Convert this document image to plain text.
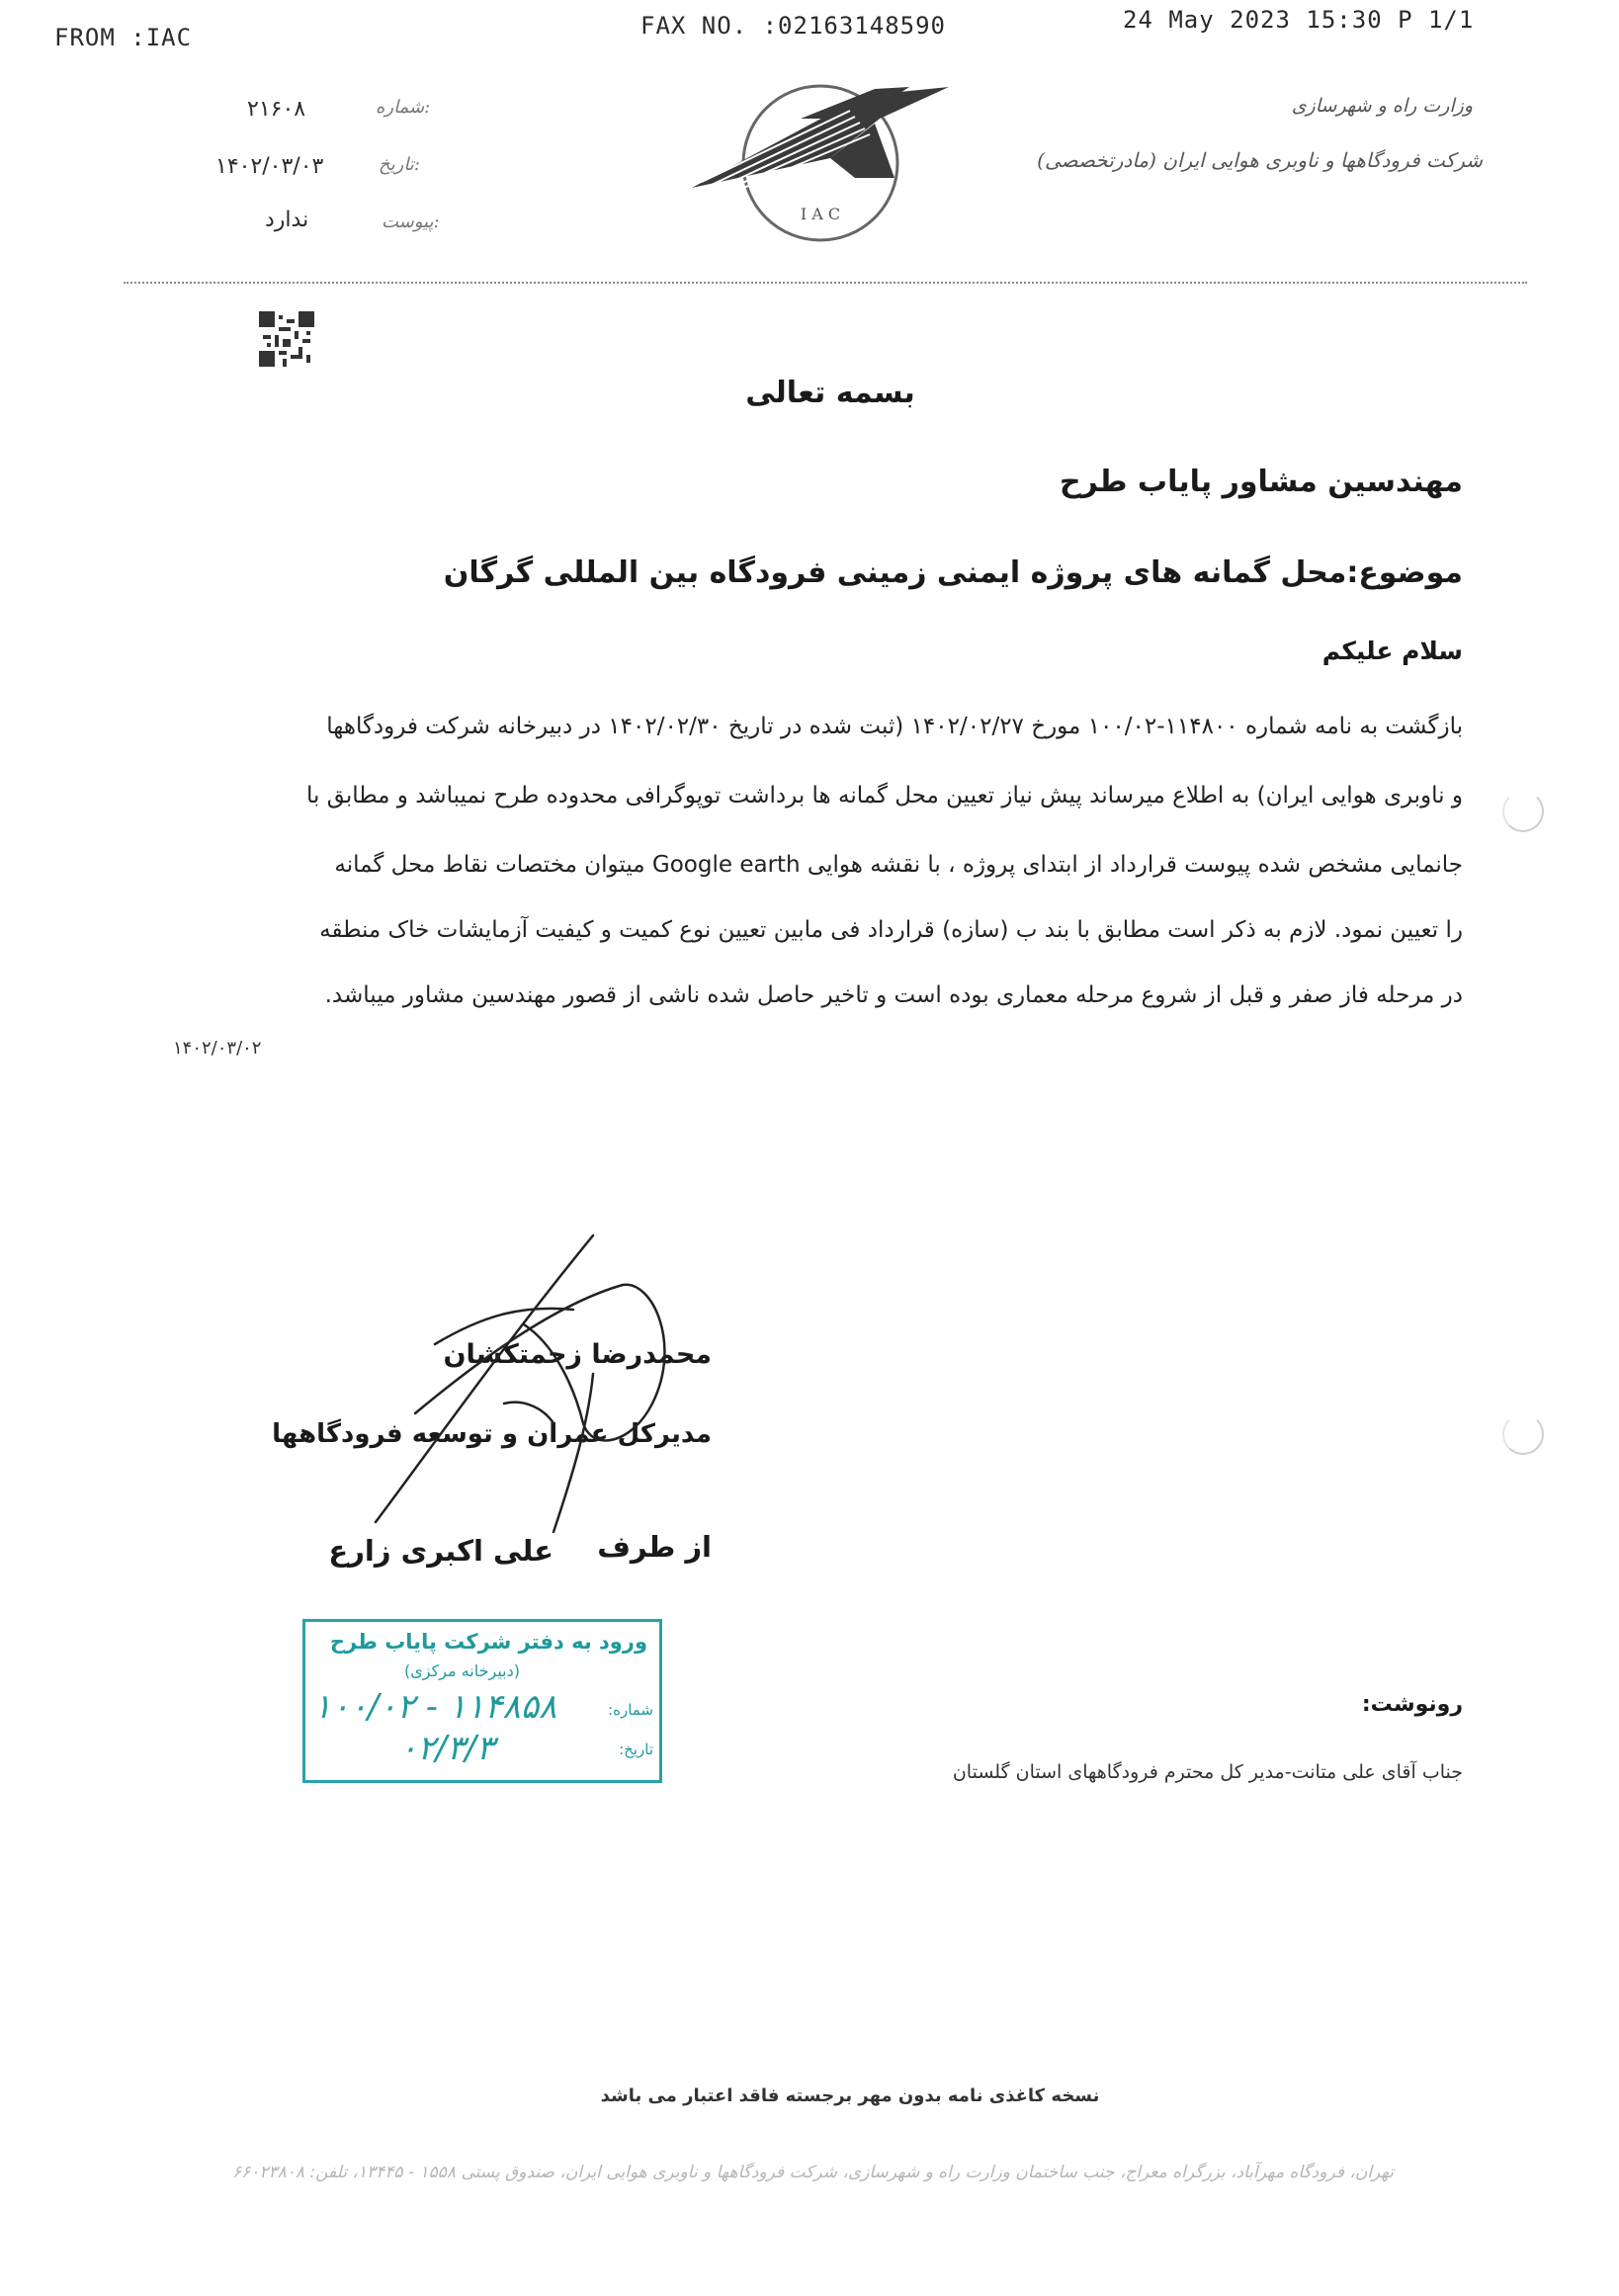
FROM :IAC	FAX NO. :02163148590	24 May 2023 15:30 P 1/1
۲۱۶۰۸	شماره:
۱۴۰۲/۰۳/۰۳	تاریخ:
ندارد	پیوست:	I A C
وزارت راه و شهرسازی
شرکت فرودگاهها و ناوبری هوایی ایران (مادرتخصصی)
بسمه تعالی
مهندسین مشاور پایاب طرح
موضوع:محل گمانه های پروژه ایمنی زمینی فرودگاه بین المللی گرگان
سلام علیکم
بازگشت به نامه شماره ۱۱۴۸۰۰-۱۰۰/۰۲ مورخ ۱۴۰۲/۰۲/۲۷ (ثبت شده در تاریخ ۱۴۰۲/۰۲/۳۰ در دبیرخانه شرکت فرودگاهها
و ناوبری هوایی ایران) به اطلاع میرساند پیش نیاز تعیین محل گمانه ها برداشت توپوگرافی محدوده طرح نمیباشد و مطابق با
جانمایی مشخص شده پیوست قرارداد از ابتدای پروژه ، با نقشه هوایی Google earth میتوان مختصات نقاط محل گمانه
را تعیین نمود. لازم به ذکر است مطابق با بند ب (سازه) قرارداد فی مابین تعیین نوع کمیت و کیفیت آزمایشات خاک منطقه
در مرحله فاز صفر و قبل از شروع مرحله معماری بوده است و تاخیر حاصل شده ناشی از قصور مهندسین مشاور میباشد.
۱۴۰۲/۰۳/۰۲
محمدرضا زحمتکشان
مدیرکل عمران و توسعه فرودگاهها
از طرف
علی اکبری زارع
ورود به دفتر شرکت پایاب طرح
(دبیرخانه مرکزی)
شماره:
۱۰۰/۰۲ - ۱۱۴۸۵۸
تاریخ:
۰۲/۳/۳
رونوشت:
جناب آقای علی متانت-مدیر کل محترم فرودگاههای استان گلستان
نسخه کاغذی نامه بدون مهر برجسته فاقد اعتبار می باشد
تهران، فرودگاه مهرآباد، بزرگراه معراج، جنب ساختمان وزارت راه و شهرسازی، شرکت فرودگاهها و ناوبری هوایی ایران، صندوق پستی ۱۵۵۸ - ۱۳۴۴۵، تلفن: ۶۶۰۲۳۸۰۸
